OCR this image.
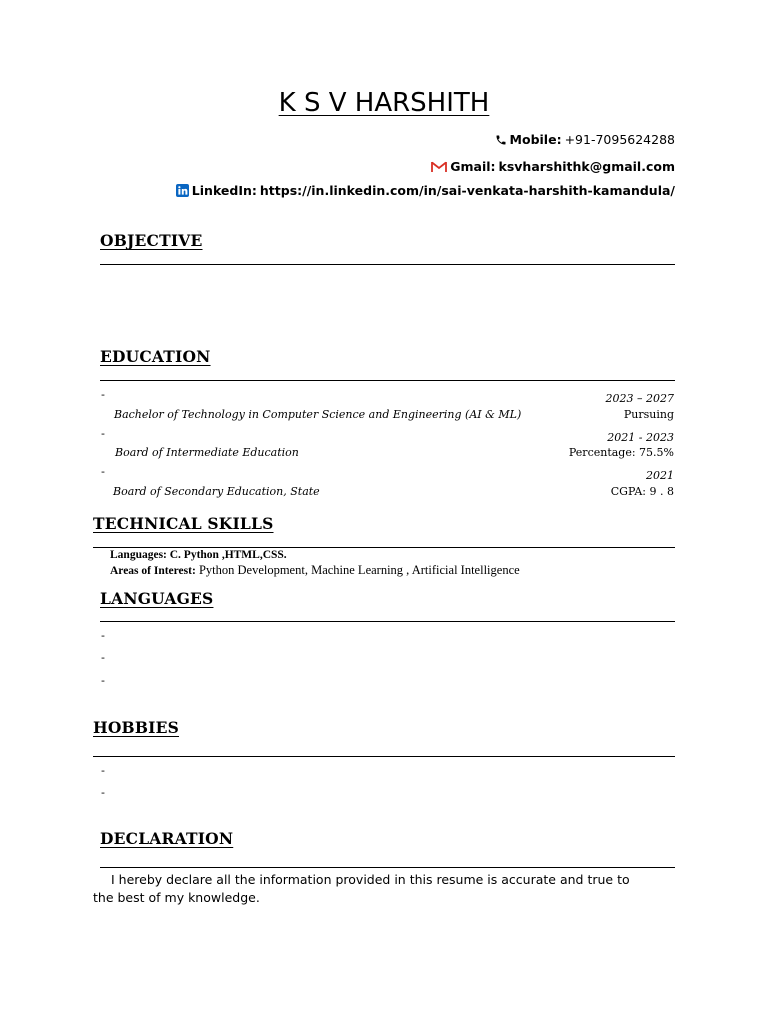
K S V HARSHITH
Mobile: +91-7095624288
Gmail: ksvharshithk@gmail.com
LinkedIn: https://in.linkedin.com/in/sai-venkata-harshith-kamandula/
OBJECTIVE
EDUCATION
-	2023 – 2027
Bachelor of Technology in Computer Science and Engineering (AI & ML)	Pursuing
-	2021 - 2023
Board of Intermediate Education	Percentage: 75.5%
-	2021
Board of Secondary Education, State	CGPA: 9 . 8
TECHNICAL SKILLS
Languages: C. Python ,HTML,CSS.
Areas of Interest: Python Development, Machine Learning , Artificial Intelligence
LANGUAGES
-
-
-
HOBBIES
-
-
DECLARATION
I hereby declare all the information provided in this resume is accurate and true to
the best of my knowledge.
